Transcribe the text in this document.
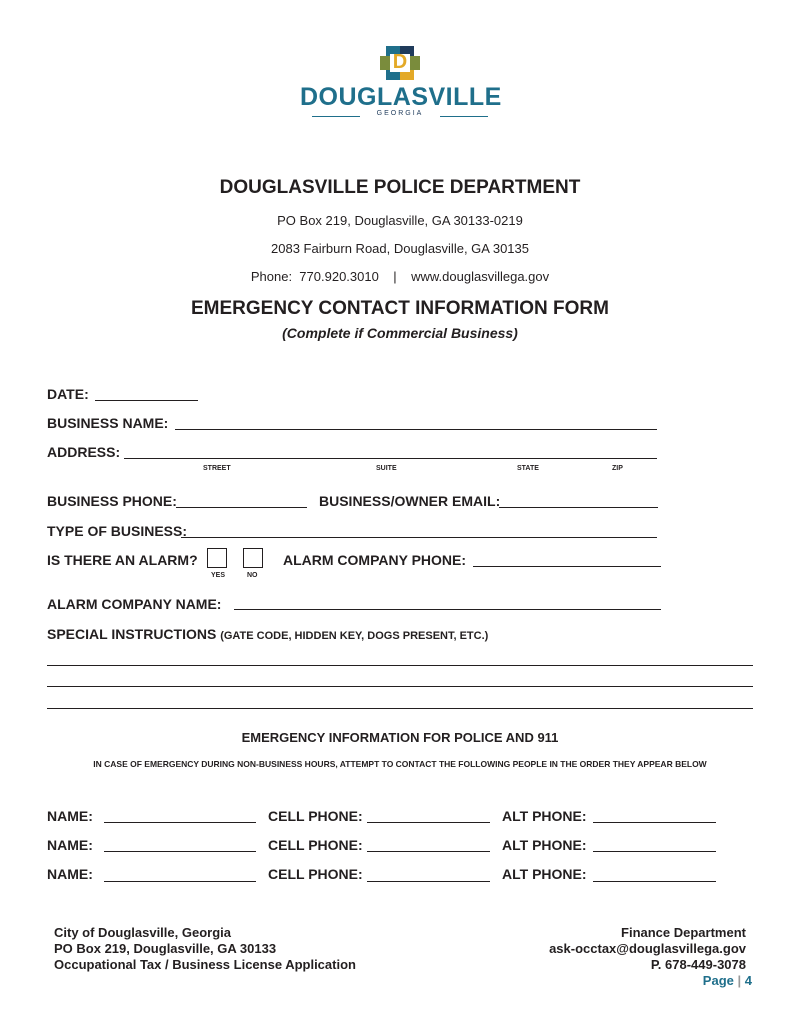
D
DOUGLASVILLE
GEORGIA
DOUGLASVILLE POLICE DEPARTMENT
PO Box 219, Douglasville, GA 30133-0219
2083 Fairburn Road, Douglasville, GA 30135
Phone:  770.920.3010    |    www.douglasvillega.gov
EMERGENCY CONTACT INFORMATION FORM
(Complete if Commercial Business)
DATE:
BUSINESS NAME:
ADDRESS:
STREET	SUITE	STATE	ZIP
BUSINESS PHONE:	BUSINESS/OWNER EMAIL:
TYPE OF BUSINESS:
IS THERE AN ALARM?
YES	NO
ALARM COMPANY PHONE:
ALARM COMPANY NAME:
SPECIAL INSTRUCTIONS (GATE CODE, HIDDEN KEY, DOGS PRESENT, ETC.)
EMERGENCY INFORMATION FOR POLICE AND 911
IN CASE OF EMERGENCY DURING NON-BUSINESS HOURS, ATTEMPT TO CONTACT THE FOLLOWING PEOPLE IN THE ORDER THEY APPEAR BELOW
NAME:	CELL PHONE:	ALT PHONE:
NAME:	CELL PHONE:	ALT PHONE:
NAME:	CELL PHONE:	ALT PHONE:
City of Douglasville, Georgia
PO Box 219, Douglasville, GA 30133
Occupational Tax / Business License Application
Finance Department
ask-occtax@douglasvillega.gov
P. 678-449-3078
Page | 4
